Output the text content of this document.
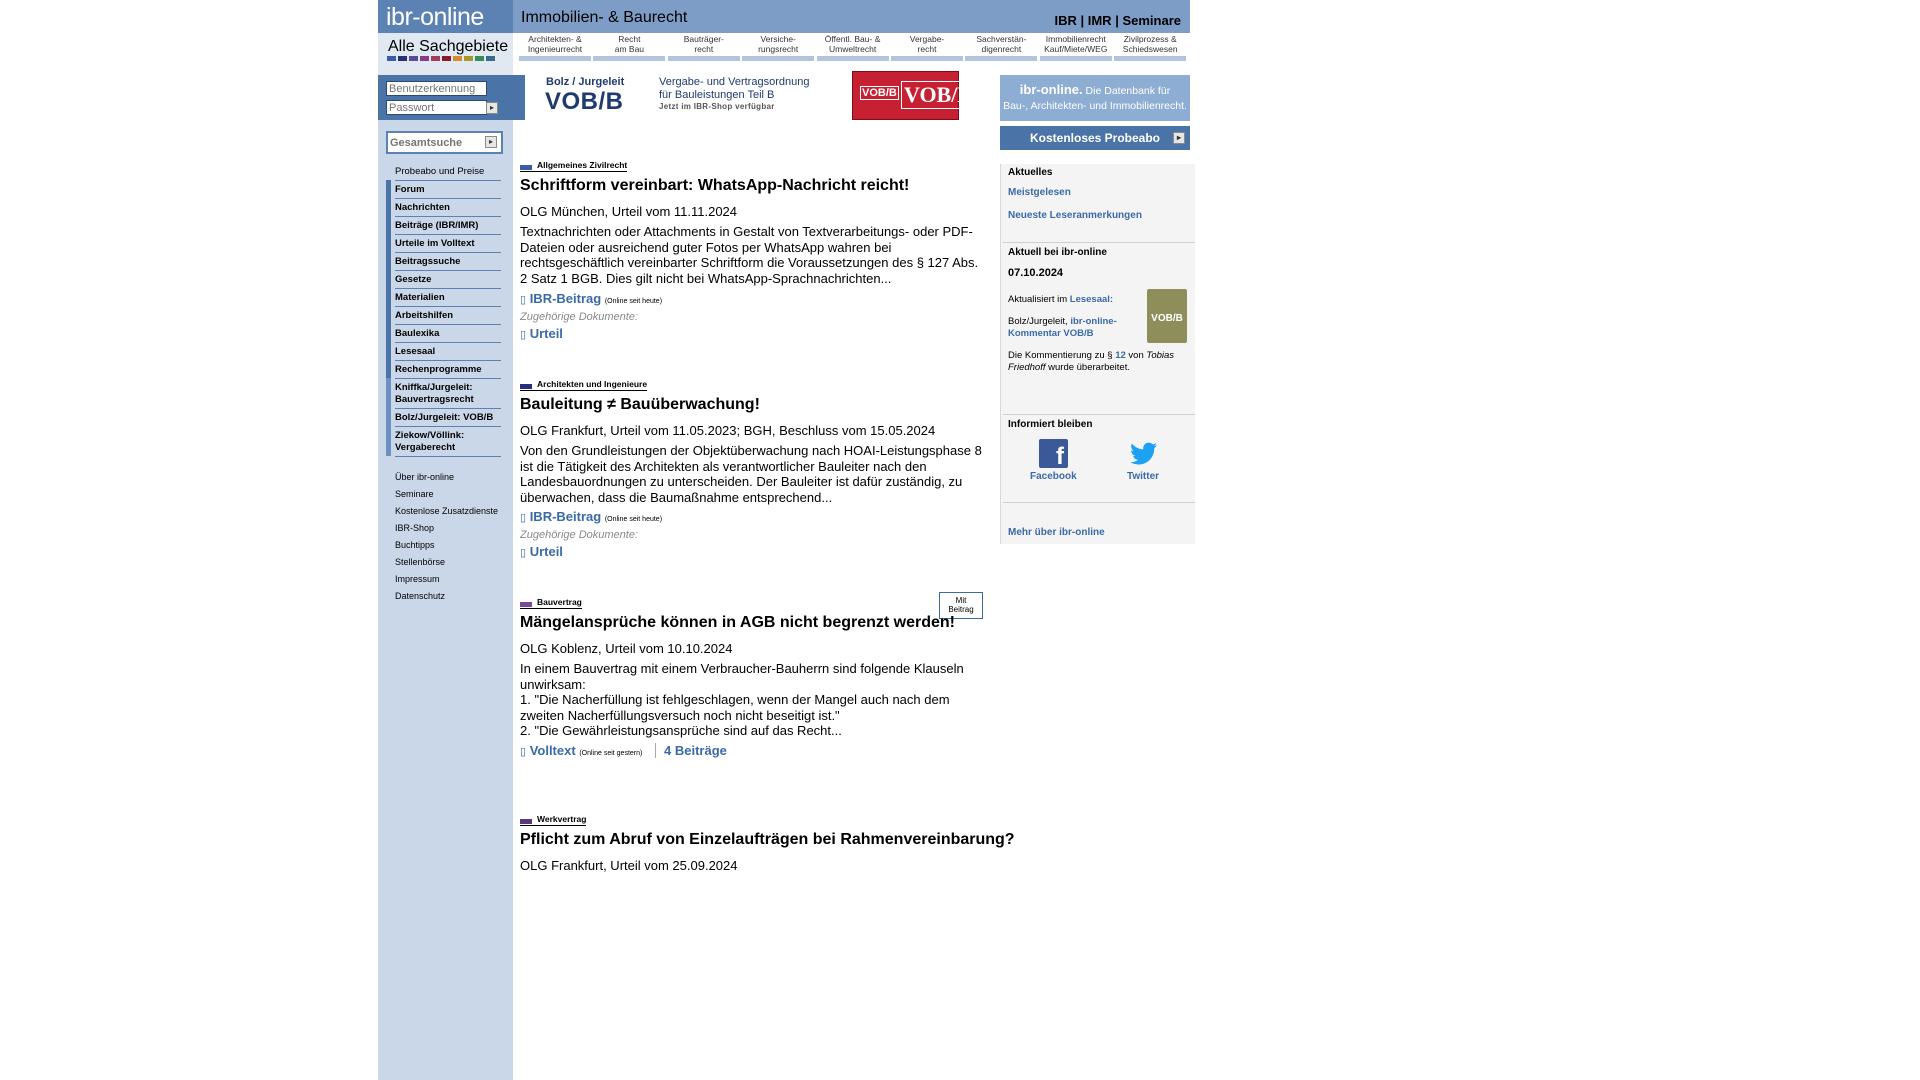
ibr-online
Alle Sachgebiete
Benutzerkennung
▸
Gesamtsuche
▸
Probeabo und Preise
Forum
Nachrichten
Beiträge (IBR/IMR)
Urteile im Volltext
Beitragssuche
Gesetze
Materialien
Arbeitshilfen
Baulexika
Lesesaal
Rechenprogramme
Kniffka/Jurgeleit: Bauvertragsrecht
Bolz/Jurgeleit: VOB/B
Ziekow/Völlink: Vergaberecht
Über ibr-online
Seminare
Kostenlose Zusatzdienste
IBR-Shop
Buchtipps
Stellenbörse
Impressum
Datenschutz
Immobilien- & Baurecht	IBR | IMR | Seminare
Architekten- &
Ingenieurrecht
Recht
am Bau
Bauträger-
recht
Versiche-
rungsrecht
Öffentl. Bau- &
Umweltrecht
Vergabe-
recht
Sachverstän-
digenrecht
Immobilienrecht
Kauf/Miete/WEG
Zivilprozess &
Schiedswesen
Bolz / Jurgeleit
VOB/B
Vergabe- und Vertragsordnung
für Bauleistungen Teil B
Jetzt im IBR-Shop verfügbar
VOB/B VOB/B	ibr-online. Die Datenbank für
Bau-, Architekten- und Immobilienrecht.
Kostenloses Probeabo	▸
Aktuelles
Meistgelesen
Neueste Leseranmerkungen
Aktuell bei ibr-online
07.10.2024
Aktualisiert im Lesesaal:
Bolz/Jurgeleit, ibr-online-
Kommentar VOB/B
Die Kommentierung zu § 12 von Tobias
Friedhoff wurde überarbeitet.
VOB/B
Informiert bleiben
f
Facebook	Twitter
Mehr über ibr-online
Allgemeines Zivilrecht
Schriftform vereinbart: WhatsApp-Nachricht reicht!
OLG München, Urteil vom 11.11.2024
Textnachrichten oder Attachments in Gestalt von Textverarbeitungs- oder PDF-Dateien oder ausreichend guter Fotos per WhatsApp wahren bei rechtsgeschäftlich vereinbarter Schriftform die Voraussetzungen des § 127 Abs. 2 Satz 1 BGB. Dies gilt nicht bei WhatsApp-Sprachnachrichten...
▯ IBR-Beitrag (Online seit heute)
Zugehörige Dokumente:
▯ Urteil
Architekten und Ingenieure
Bauleitung ≠ Bauüberwachung!
OLG Frankfurt, Urteil vom 11.05.2023; BGH, Beschluss vom 15.05.2024
Von den Grundleistungen der Objektüberwachung nach HOAI-Leistungsphase 8 ist die Tätigkeit des Architekten als verantwortlicher Bauleiter nach den Landesbauordnungen zu unterscheiden. Der Bauleiter ist dafür zuständig, zu überwachen, dass die Baumaßnahme entsprechend...
▯ IBR-Beitrag (Online seit heute)
Zugehörige Dokumente:
▯ Urteil
Mit
Beitrag
Bauvertrag
Mängelansprüche können in AGB nicht begrenzt werden!
OLG Koblenz, Urteil vom 10.10.2024
In einem Bauvertrag mit einem Verbraucher-Bauherrn sind folgende Klauseln unwirksam:
1. "Die Nacherfüllung ist fehlgeschlagen, wenn der Mangel auch nach dem zweiten Nacherfüllungsversuch noch nicht beseitigt ist."
2. "Die Gewährleistungsansprüche sind auf das Recht...
▯ Volltext (Online seit gestern)	4 Beiträge
Werkvertrag
Pflicht zum Abruf von Einzelaufträgen bei Rahmenvereinbarung?
OLG Frankfurt, Urteil vom 25.09.2024
